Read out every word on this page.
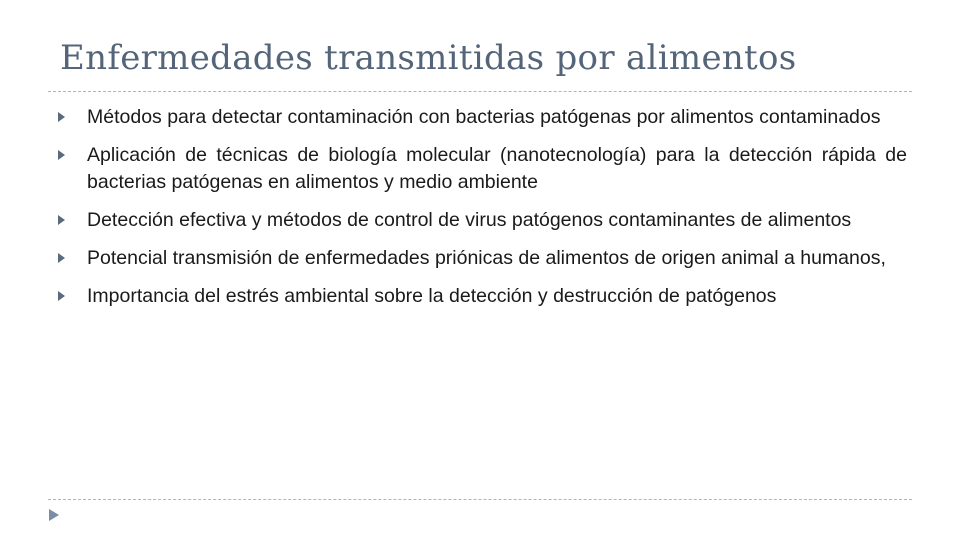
Enfermedades transmitidas por alimentos
Métodos para detectar contaminación con bacterias patógenas por alimentos contaminados
Aplicación de técnicas de biología molecular (nanotecnología) para la detección rápida de bacterias patógenas en alimentos y medio ambiente
Detección efectiva y métodos de control de virus patógenos contaminantes de alimentos
Potencial transmisión de enfermedades priónicas de alimentos de origen animal a humanos,
Importancia del estrés ambiental sobre la detección y destrucción de patógenos
